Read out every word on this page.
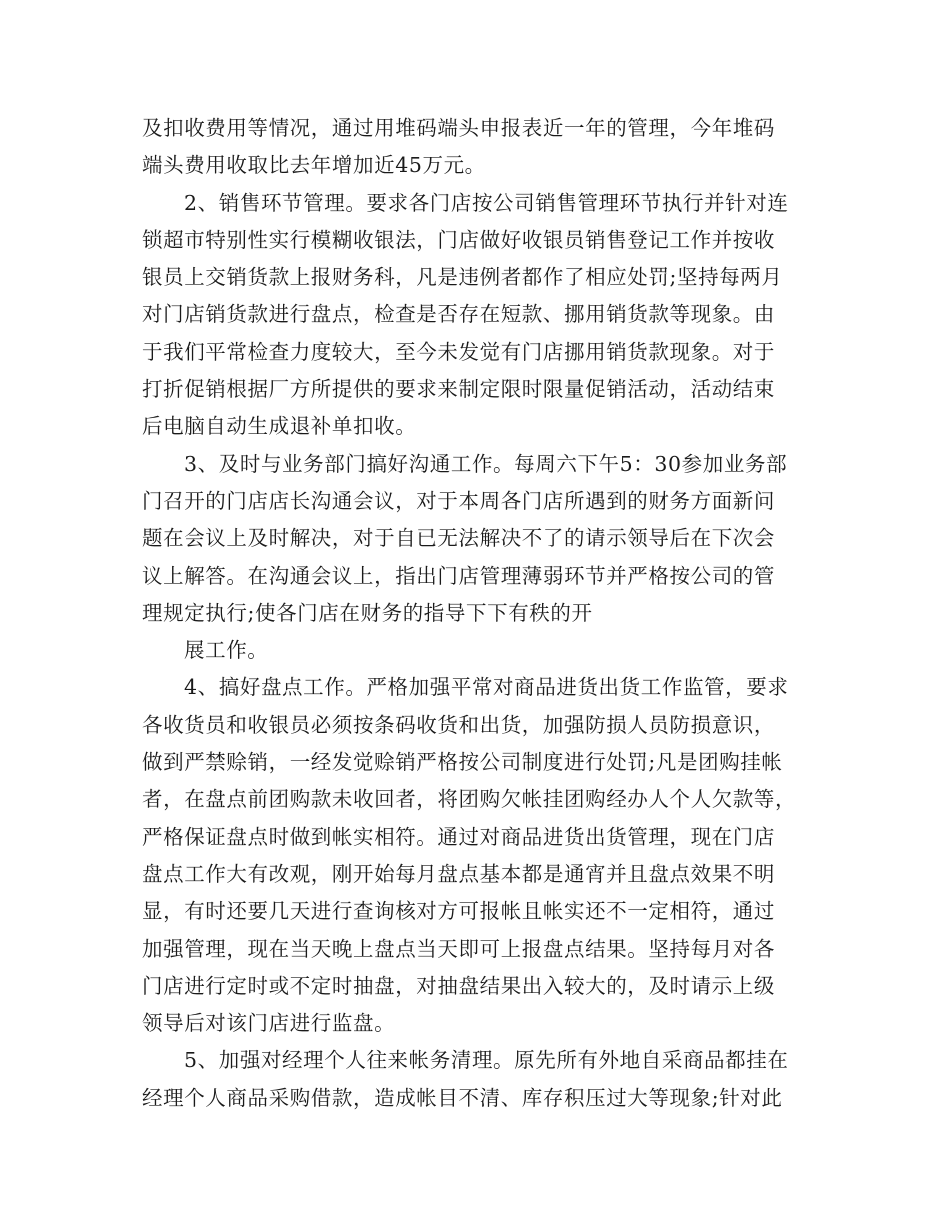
及扣收费用等情况，通过用堆码端头申报表近一年的管理，今年堆码
端头费用收取比去年增加近45万元。
2、销售环节管理。要求各门店按公司销售管理环节执行并针对连
锁超市特别性实行模糊收银法，门店做好收银员销售登记工作并按收
银员上交销货款上报财务科，凡是违例者都作了相应处罚;坚持每两月
对门店销货款进行盘点，检查是否存在短款、挪用销货款等现象。由
于我们平常检查力度较大，至今未发觉有门店挪用销货款现象。对于
打折促销根据厂方所提供的要求来制定限时限量促销活动，活动结束
后电脑自动生成退补单扣收。
3、及时与业务部门搞好沟通工作。每周六下午5：30参加业务部
门召开的门店店长沟通会议，对于本周各门店所遇到的财务方面新问
题在会议上及时解决，对于自已无法解决不了的请示领导后在下次会
议上解答。在沟通会议上，指出门店管理薄弱环节并严格按公司的管
理规定执行;使各门店在财务的指导下下有秩的开
展工作。
4、搞好盘点工作。严格加强平常对商品进货出货工作监管，要求
各收货员和收银员必须按条码收货和出货，加强防损人员防损意识，
做到严禁赊销，一经发觉赊销严格按公司制度进行处罚;凡是团购挂帐
者，在盘点前团购款未收回者，将团购欠帐挂团购经办人个人欠款等，
严格保证盘点时做到帐实相符。通过对商品进货出货管理，现在门店
盘点工作大有改观，刚开始每月盘点基本都是通宵并且盘点效果不明
显，有时还要几天进行查询核对方可报帐且帐实还不一定相符，通过
加强管理，现在当天晚上盘点当天即可上报盘点结果。坚持每月对各
门店进行定时或不定时抽盘，对抽盘结果出入较大的，及时请示上级
领导后对该门店进行监盘。
5、加强对经理个人往来帐务清理。原先所有外地自采商品都挂在
经理个人商品采购借款，造成帐目不清、库存积压过大等现象;针对此
